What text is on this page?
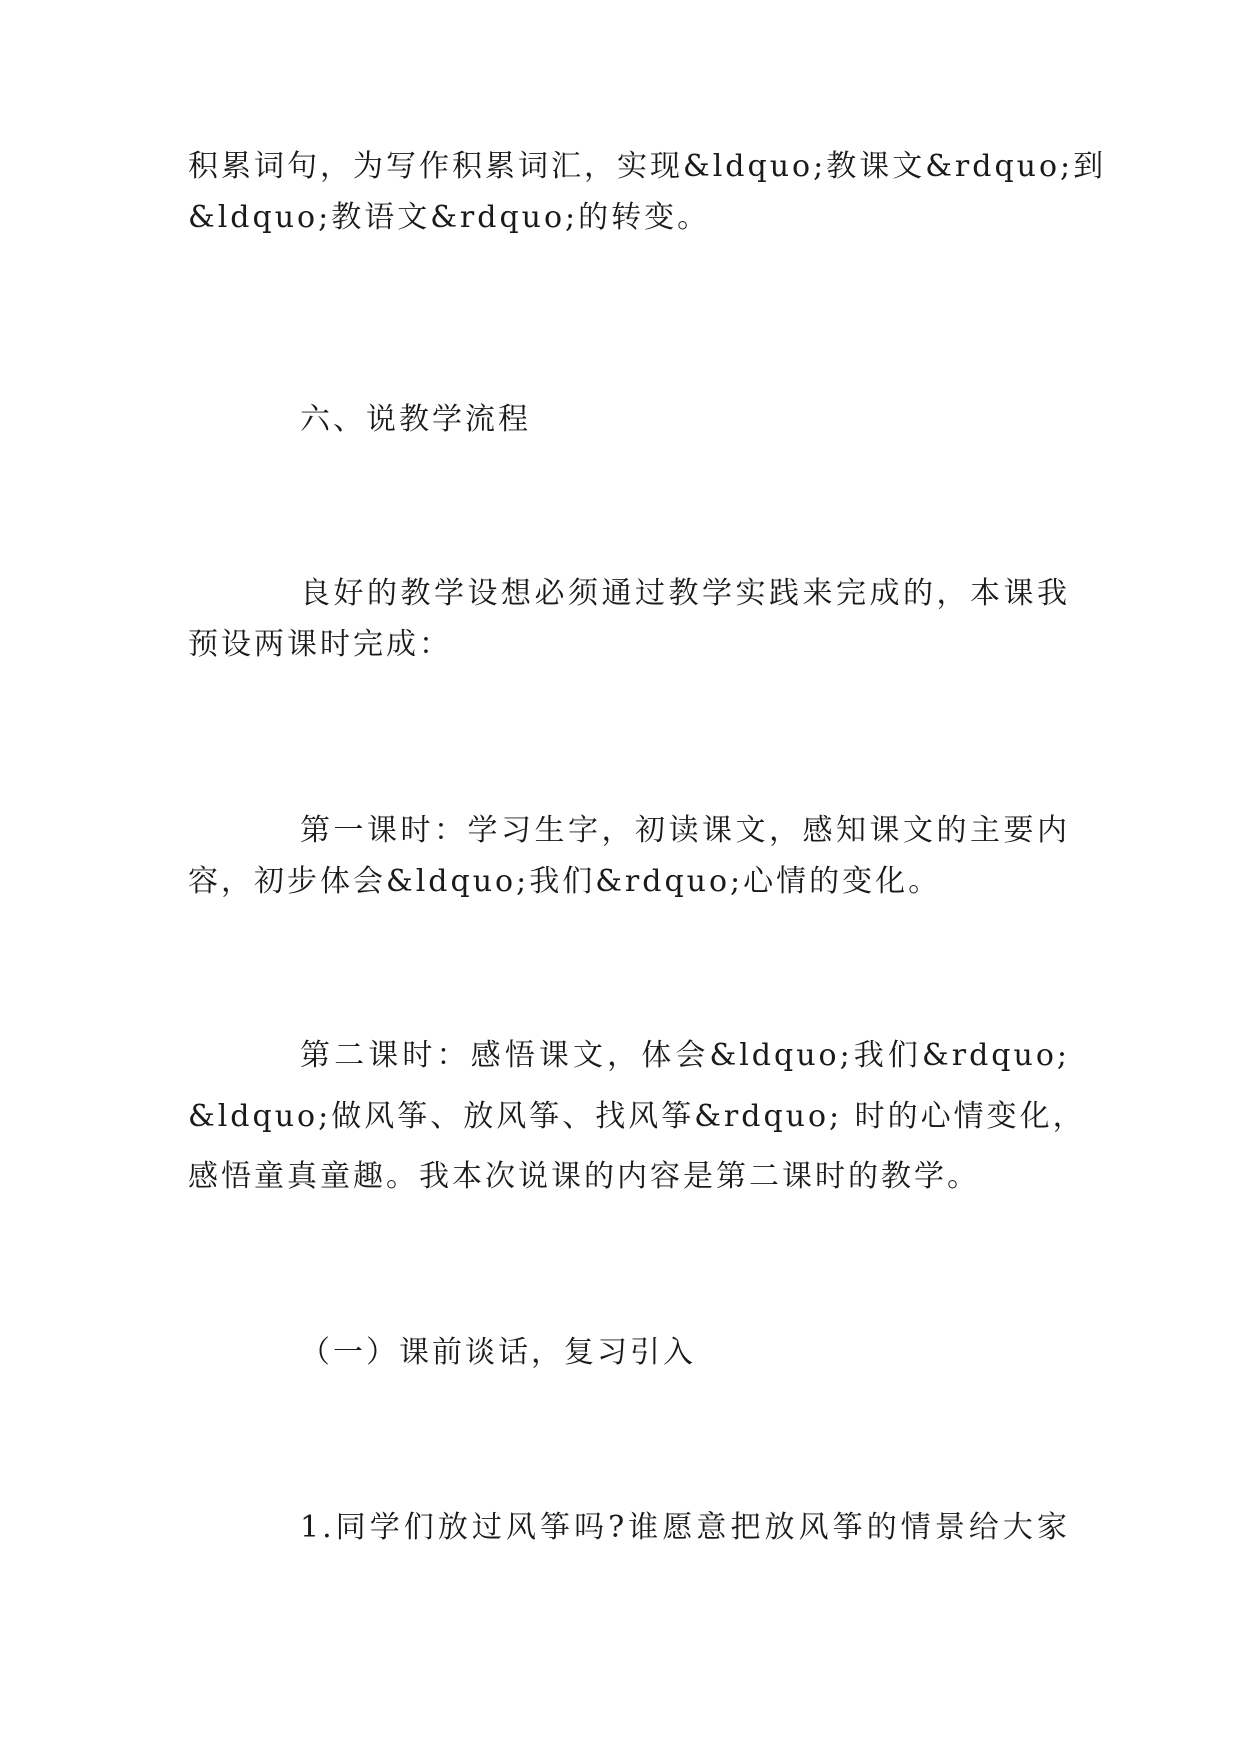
积累词句，为写作积累词汇，实现&ldquo;教课文&rdquo;到
&ldquo;教语文&rdquo;的转变。
六、说教学流程
良好的教学设想必须通过教学实践来完成的，本课我
预设两课时完成：
第一课时：学习生字，初读课文，感知课文的主要内
容，初步体会&ldquo;我们&rdquo;心情的变化。
第二课时：感悟课文，体会&ldquo;我们&rdquo;
&ldquo;做风筝、放风筝、找风筝&rdquo; 时的心情变化，
感悟童真童趣。我本次说课的内容是第二课时的教学。
（一）课前谈话，复习引入
1.同学们放过风筝吗?谁愿意把放风筝的情景给大家
